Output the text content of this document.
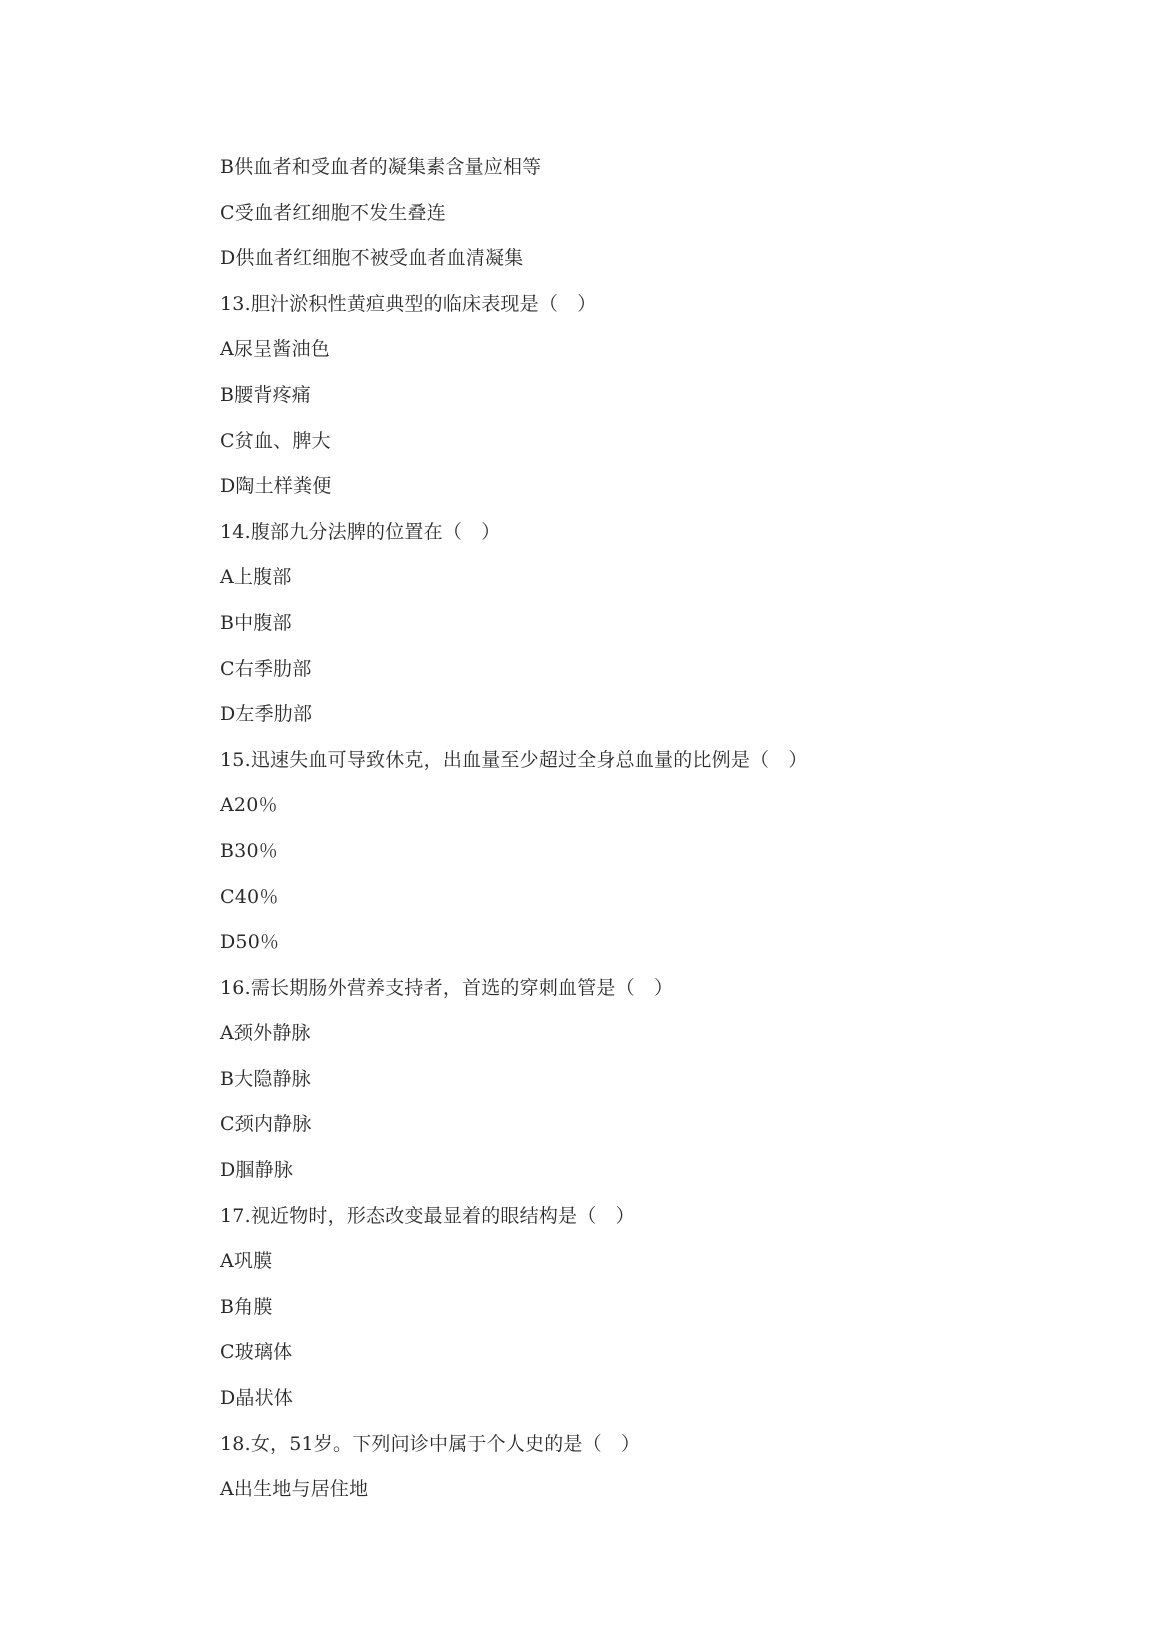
B供血者和受血者的凝集素含量应相等
C受血者红细胞不发生叠连
D供血者红细胞不被受血者血清凝集
13.胆汁淤积性黄疸典型的临床表现是（　）
A尿呈酱油色
B腰背疼痛
C贫血、脾大
D陶土样粪便
14.腹部九分法脾的位置在（　）
A上腹部
B中腹部
C右季肋部
D左季肋部
15.迅速失血可导致休克，出血量至少超过全身总血量的比例是（　）
A20％
B30％
C40％
D50％
16.需长期肠外营养支持者，首选的穿刺血管是（　）
A颈外静脉
B大隐静脉
C颈内静脉
D腘静脉
17.视近物时，形态改变最显着的眼结构是（　）
A巩膜
B角膜
C玻璃体
D晶状体
18.女，51岁。下列问诊中属于个人史的是（　）
A出生地与居住地
